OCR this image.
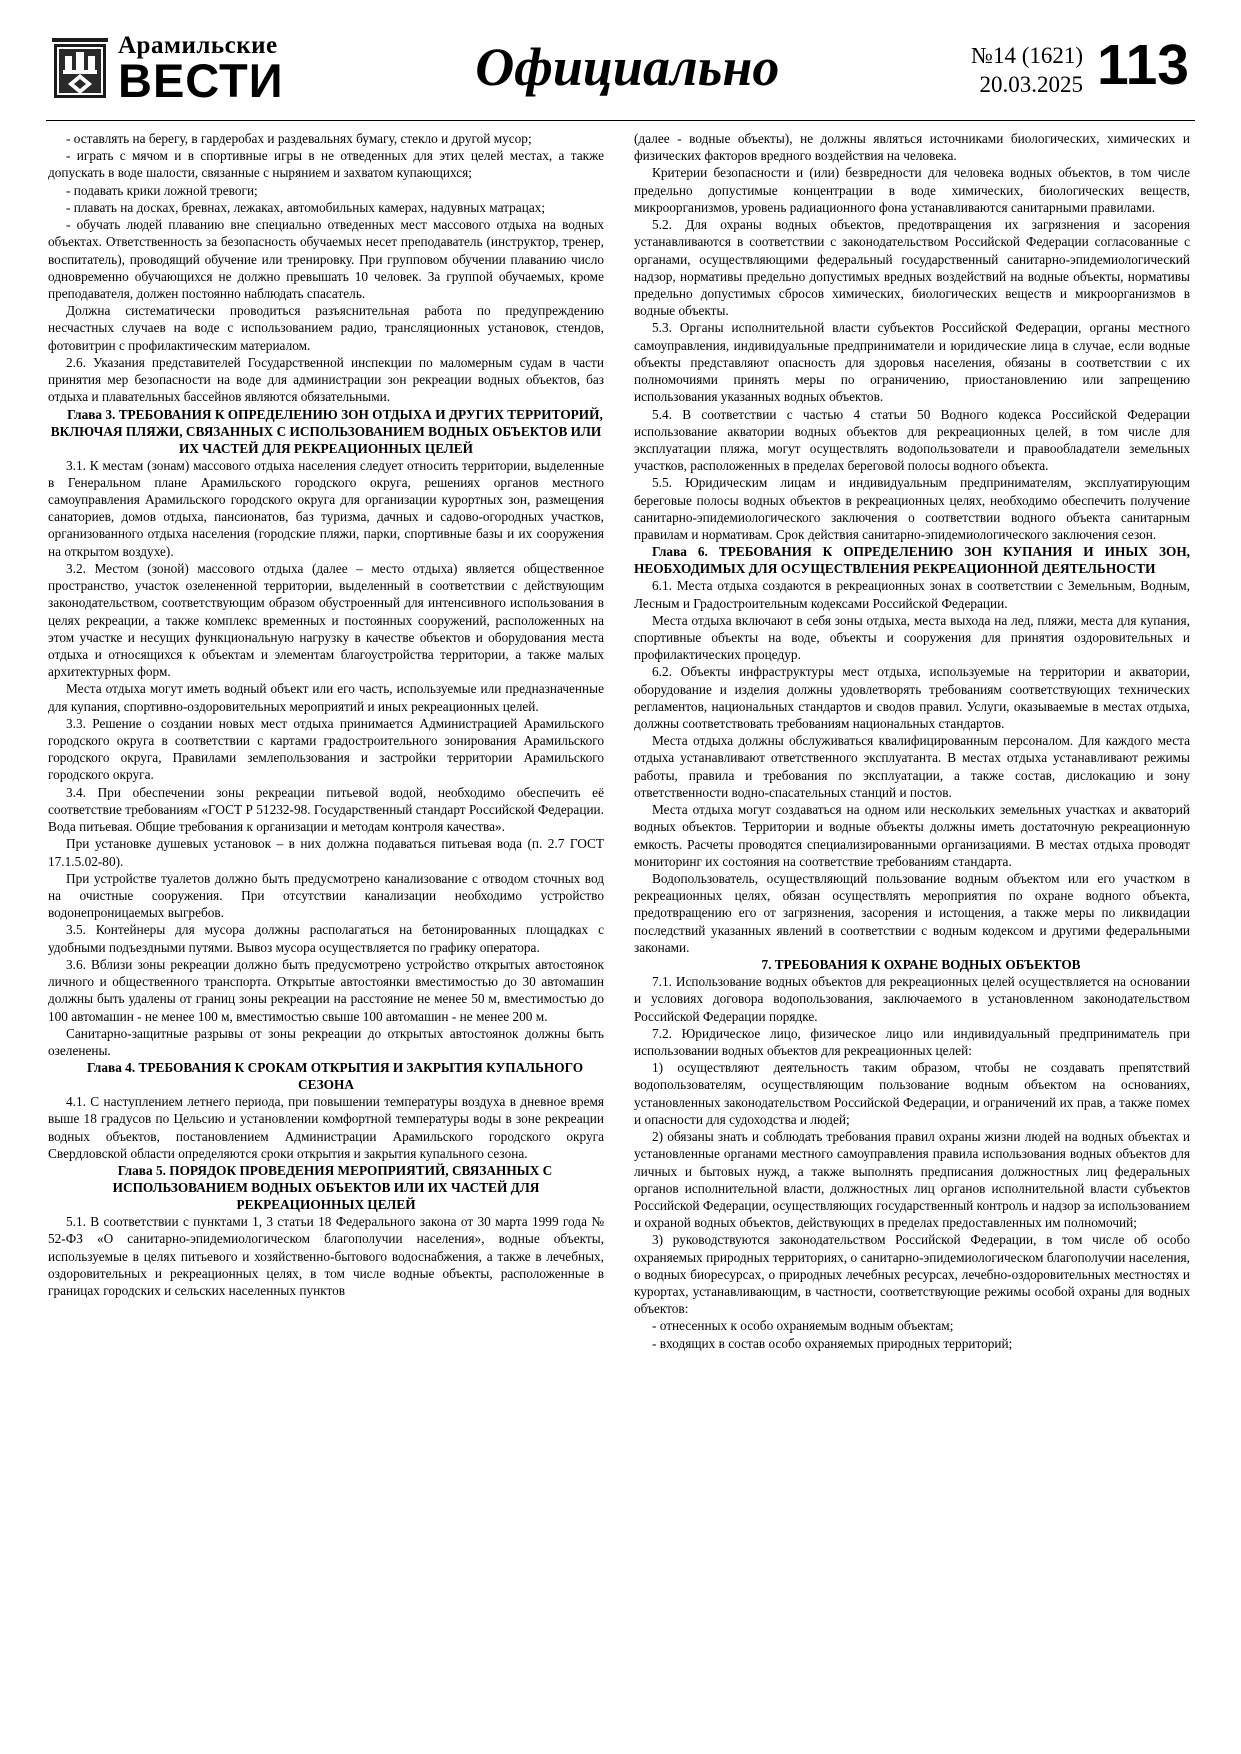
Арамильские
ВЕСТИ	Официально	№14 (1621)
20.03.2025 113

- оставлять на берегу, в гардеробах и раздевальнях бумагу, стекло и другой мусор;

- играть с мячом и в спортивные игры в не отведенных для этих целей местах, а также допускать в воде шалости, связанные с нырянием и захватом купающихся;

- подавать крики ложной тревоги;

- плавать на досках, бревнах, лежаках, автомобильных камерах, надувных матрацах;

- обучать людей плаванию вне специально отведенных мест массового отдыха на водных объектах. Ответственность за безопасность обучаемых несет преподаватель (инструктор, тренер, воспитатель), проводящий обучение или тренировку. При групповом обучении плаванию число одновременно обучающихся не должно превышать 10 человек. За группой обучаемых, кроме преподавателя, должен постоянно наблюдать спасатель.

Должна систематически проводиться разъяснительная работа по предупреждению несчастных случаев на воде с использованием радио, трансляционных установок, стендов, фотовитрин с профилактическим материалом.

2.6. Указания представителей Государственной инспекции по маломерным судам в части принятия мер безопасности на воде для администрации зон рекреации водных объектов, баз отдыха и плавательных бассейнов являются обязательными.

Глава 3. ТРЕБОВАНИЯ К ОПРЕДЕЛЕНИЮ ЗОН ОТДЫХА И ДРУГИХ ТЕРРИТОРИЙ, ВКЛЮЧАЯ ПЛЯЖИ, СВЯЗАННЫХ С ИСПОЛЬЗОВАНИЕМ ВОДНЫХ ОБЪЕКТОВ ИЛИ ИХ ЧАСТЕЙ ДЛЯ РЕКРЕАЦИОННЫХ ЦЕЛЕЙ

3.1. К местам (зонам) массового отдыха населения следует относить территории, выделенные в Генеральном плане Арамильского городского округа, решениях органов местного самоуправления Арамильского городского округа для организации курортных зон, размещения санаториев, домов отдыха, пансионатов, баз туризма, дачных и садово-огородных участков, организованного отдыха населения (городские пляжи, парки, спортивные базы и их сооружения на открытом воздухе).

3.2. Местом (зоной) массового отдыха (далее – место отдыха) является общественное пространство, участок озелененной территории, выделенный в соответствии с действующим законодательством, соответствующим образом обустроенный для интенсивного использования в целях рекреации, а также комплекс временных и постоянных сооружений, расположенных на этом участке и несущих функциональную нагрузку в качестве объектов и оборудования места отдыха и относящихся к объектам и элементам благоустройства территории, а также малых архитектурных форм.

Места отдыха могут иметь водный объект или его часть, используемые или предназначенные для купания, спортивно-оздоровительных мероприятий и иных рекреационных целей.

3.3. Решение о создании новых мест отдыха принимается Администрацией Арамильского городского округа в соответствии с картами градостроительного зонирования Арамильского городского округа, Правилами землепользования и застройки территории Арамильского городского округа.

3.4. При обеспечении зоны рекреации питьевой водой, необходимо обеспечить её соответствие требованиям «ГОСТ Р 51232-98. Государственный стандарт Российской Федерации. Вода питьевая. Общие требования к организации и методам контроля качества».

При установке душевых установок – в них должна подаваться питьевая вода (п. 2.7 ГОСТ 17.1.5.02-80).

При устройстве туалетов должно быть предусмотрено канализование с отводом сточных вод на очистные сооружения. При отсутствии канализации необходимо устройство водонепроницаемых выгребов.

3.5. Контейнеры для мусора должны располагаться на бетонированных площадках с удобными подъездными путями. Вывоз мусора осуществляется по графику оператора.

3.6. Вблизи зоны рекреации должно быть предусмотрено устройство открытых автостоянок личного и общественного транспорта. Открытые автостоянки вместимостью до 30 автомашин должны быть удалены от границ зоны рекреации на расстояние не менее 50 м, вместимостью до 100 автомашин - не менее 100 м, вместимостью свыше 100 автомашин - не менее 200 м.

Санитарно-защитные разрывы от зоны рекреации до открытых автостоянок должны быть озеленены.

Глава 4. ТРЕБОВАНИЯ К СРОКАМ ОТКРЫТИЯ И ЗАКРЫТИЯ КУПАЛЬНОГО СЕЗОНА

4.1. С наступлением летнего периода, при повышении температуры воздуха в дневное время выше 18 градусов по Цельсию и установлении комфортной температуры воды в зоне рекреации водных объектов, постановлением Администрации Арамильского городского округа Свердловской области определяются сроки открытия и закрытия купального сезона.

Глава 5. ПОРЯДОК ПРОВЕДЕНИЯ МЕРОПРИЯТИЙ, СВЯЗАННЫХ С ИСПОЛЬЗОВАНИЕМ ВОДНЫХ ОБЪЕКТОВ ИЛИ ИХ ЧАСТЕЙ ДЛЯ РЕКРЕАЦИОННЫХ ЦЕЛЕЙ

5.1. В соответствии с пунктами 1, 3 статьи 18 Федерального закона от 30 марта 1999 года № 52-ФЗ «О санитарно-эпидемиологическом благополучии населения», водные объекты, используемые в целях питьевого и хозяйственно-бытового водоснабжения, а также в лечебных, оздоровительных и рекреационных целях, в том числе водные объекты, расположенные в границах городских и сельских населенных пунктов

(далее - водные объекты), не должны являться источниками биологических, химических и физических факторов вредного воздействия на человека.

Критерии безопасности и (или) безвредности для человека водных объектов, в том числе предельно допустимые концентрации в воде химических, биологических веществ, микроорганизмов, уровень радиационного фона устанавливаются санитарными правилами.

5.2. Для охраны водных объектов, предотвращения их загрязнения и засорения устанавливаются в соответствии с законодательством Российской Федерации согласованные с органами, осуществляющими федеральный государственный санитарно-эпидемиологический надзор, нормативы предельно допустимых вредных воздействий на водные объекты, нормативы предельно допустимых сбросов химических, биологических веществ и микроорганизмов в водные объекты.

5.3. Органы исполнительной власти субъектов Российской Федерации, органы местного самоуправления, индивидуальные предприниматели и юридические лица в случае, если водные объекты представляют опасность для здоровья населения, обязаны в соответствии с их полномочиями принять меры по ограничению, приостановлению или запрещению использования указанных водных объектов.

5.4. В соответствии с частью 4 статьи 50 Водного кодекса Российской Федерации использование акватории водных объектов для рекреационных целей, в том числе для эксплуатации пляжа, могут осуществлять водопользователи и правообладатели земельных участков, расположенных в пределах береговой полосы водного объекта.

5.5. Юридическим лицам и индивидуальным предпринимателям, эксплуатирующим береговые полосы водных объектов в рекреационных целях, необходимо обеспечить получение санитарно-эпидемиологического заключения о соответствии водного объекта санитарным правилам и нормативам. Срок действия санитарно-эпидемиологического заключения сезон.

Глава 6. ТРЕБОВАНИЯ К ОПРЕДЕЛЕНИЮ ЗОН КУПАНИЯ И ИНЫХ ЗОН, НЕОБХОДИМЫХ ДЛЯ ОСУЩЕСТВЛЕНИЯ РЕКРЕАЦИОННОЙ ДЕЯТЕЛЬНОСТИ

6.1. Места отдыха создаются в рекреационных зонах в соответствии с Земельным, Водным, Лесным и Градостроительным кодексами Российской Федерации.

Места отдыха включают в себя зоны отдыха, места выхода на лед, пляжи, места для купания, спортивные объекты на воде, объекты и сооружения для принятия оздоровительных и профилактических процедур.

6.2. Объекты инфраструктуры мест отдыха, используемые на территории и акватории, оборудование и изделия должны удовлетворять требованиям соответствующих технических регламентов, национальных стандартов и сводов правил. Услуги, оказываемые в местах отдыха, должны соответствовать требованиям национальных стандартов.

Места отдыха должны обслуживаться квалифицированным персоналом. Для каждого места отдыха устанавливают ответственного эксплуатанта. В местах отдыха устанавливают режимы работы, правила и требования по эксплуатации, а также состав, дислокацию и зону ответственности водно-спасательных станций и постов.

Места отдыха могут создаваться на одном или нескольких земельных участках и акваторий водных объектов. Территории и водные объекты должны иметь достаточную рекреационную емкость. Расчеты проводятся специализированными организациями. В местах отдыха проводят мониторинг их состояния на соответствие требованиям стандарта.

Водопользователь, осуществляющий пользование водным объектом или его участком в рекреационных целях, обязан осуществлять мероприятия по охране водного объекта, предотвращению его от загрязнения, засорения и истощения, а также меры по ликвидации последствий указанных явлений в соответствии с водным кодексом и другими федеральными законами.

7. ТРЕБОВАНИЯ К ОХРАНЕ ВОДНЫХ ОБЪЕКТОВ

7.1. Использование водных объектов для рекреационных целей осуществляется на основании и условиях договора водопользования, заключаемого в установленном законодательством Российской Федерации порядке.

7.2. Юридическое лицо, физическое лицо или индивидуальный предприниматель при использовании водных объектов для рекреационных целей:

1) осуществляют деятельность таким образом, чтобы не создавать препятствий водопользователям, осуществляющим пользование водным объектом на основаниях, установленных законодательством Российской Федерации, и ограничений их прав, а также помех и опасности для судоходства и людей;

2) обязаны знать и соблюдать требования правил охраны жизни людей на водных объектах и установленные органами местного самоуправления правила использования водных объектов для личных и бытовых нужд, а также выполнять предписания должностных лиц федеральных органов исполнительной власти, должностных лиц органов исполнительной власти субъектов Российской Федерации, осуществляющих государственный контроль и надзор за использованием и охраной водных объектов, действующих в пределах предоставленных им полномочий;

3) руководствуются законодательством Российской Федерации, в том числе об особо охраняемых природных территориях, о санитарно-эпидемиологическом благополучии населения, о водных биоресурсах, о природных лечебных ресурсах, лечебно-оздоровительных местностях и курортах, устанавливающим, в частности, соответствующие режимы особой охраны для водных объектов:

- отнесенных к особо охраняемым водным объектам;

- входящих в состав особо охраняемых природных территорий;
